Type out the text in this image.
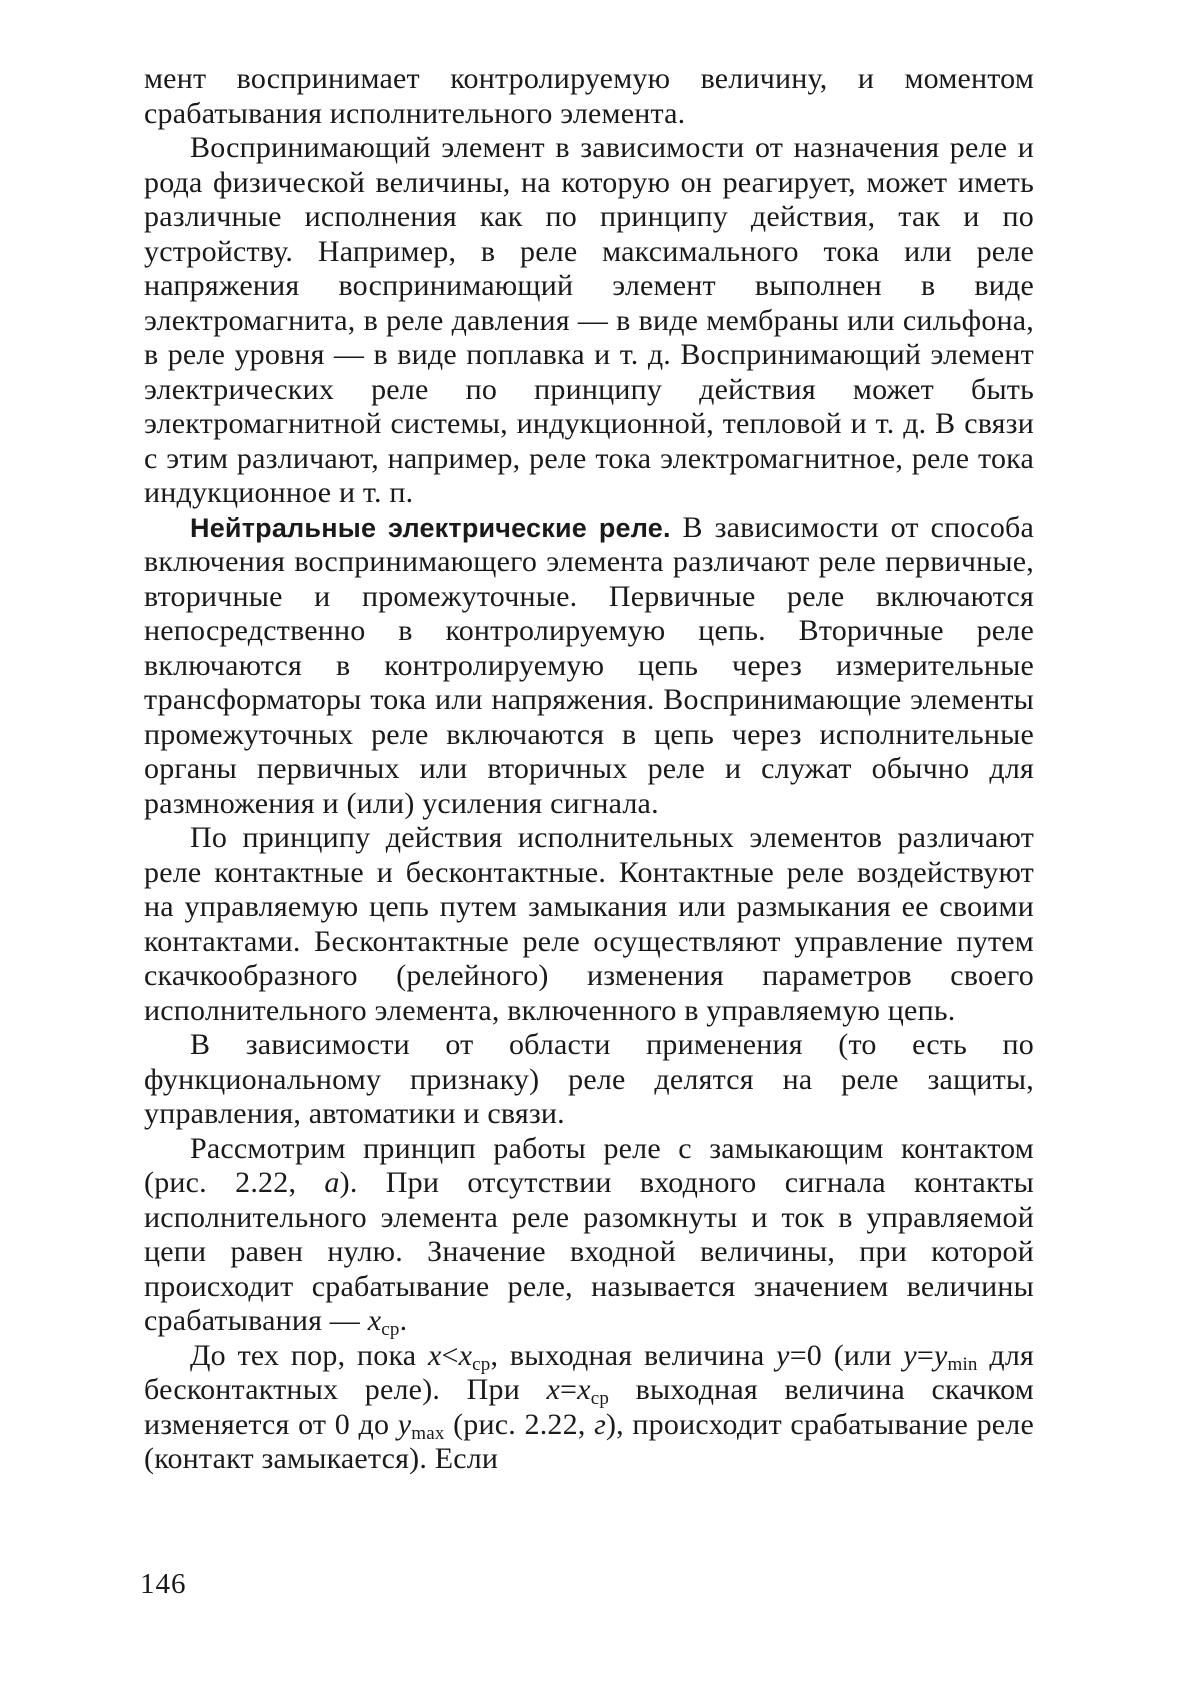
мент воспринимает контролируемую величину, и моментом срабатывания исполнительного элемента.

Воспринимающий элемент в зависимости от назначения реле и рода физической величины, на которую он реагирует, может иметь различные исполнения как по принципу действия, так и по устройству. Например, в реле максимального тока или реле напряжения воспринимающий элемент выполнен в виде электромагнита, в реле давления — в виде мембраны или сильфона, в реле уровня — в виде поплавка и т. д. Воспринимающий элемент электрических реле по принципу действия может быть электромагнитной системы, индукционной, тепловой и т. д. В связи с этим различают, например, реле тока электромагнитное, реле тока индукционное и т. п.

Нейтральные электрические реле. В зависимости от способа включения воспринимающего элемента различают реле первичные, вторичные и промежуточные. Первичные реле включаются непосредственно в контролируемую цепь. Вторичные реле включаются в контролируемую цепь через измерительные трансформаторы тока или напряжения. Воспринимающие элементы промежуточных реле включаются в цепь через исполнительные органы первичных или вторичных реле и служат обычно для размножения и (или) усиления сигнала.

По принципу действия исполнительных элементов различают реле контактные и бесконтактные. Контактные реле воздействуют на управляемую цепь путем замыкания или размыкания ее своими контактами. Бесконтактные реле осуществляют управление путем скачкообразного (релейного) изменения параметров своего исполнительного элемента, включенного в управляемую цепь.

В зависимости от области применения (то есть по функциональному признаку) реле делятся на реле защиты, управления, автоматики и связи.

Рассмотрим принцип работы реле с замыкающим контактом (рис. 2.22, а). При отсутствии входного сигнала контакты исполнительного элемента реле разомкнуты и ток в управляемой цепи равен нулю. Значение входной величины, при которой происходит срабатывание реле, называется значением величины срабатывания — $x_{ср}$.

До тех пор, пока $x<x_{ср}$, выходная величина y=0 (или $y=y_{min}$ для бесконтактных реле). При $x=x_{ср}$ выходная величина скачком изменяется от 0 до $y_{max}$ (рис. 2.22, г), происходит срабатывание реле (контакт замыкается). Если

146
